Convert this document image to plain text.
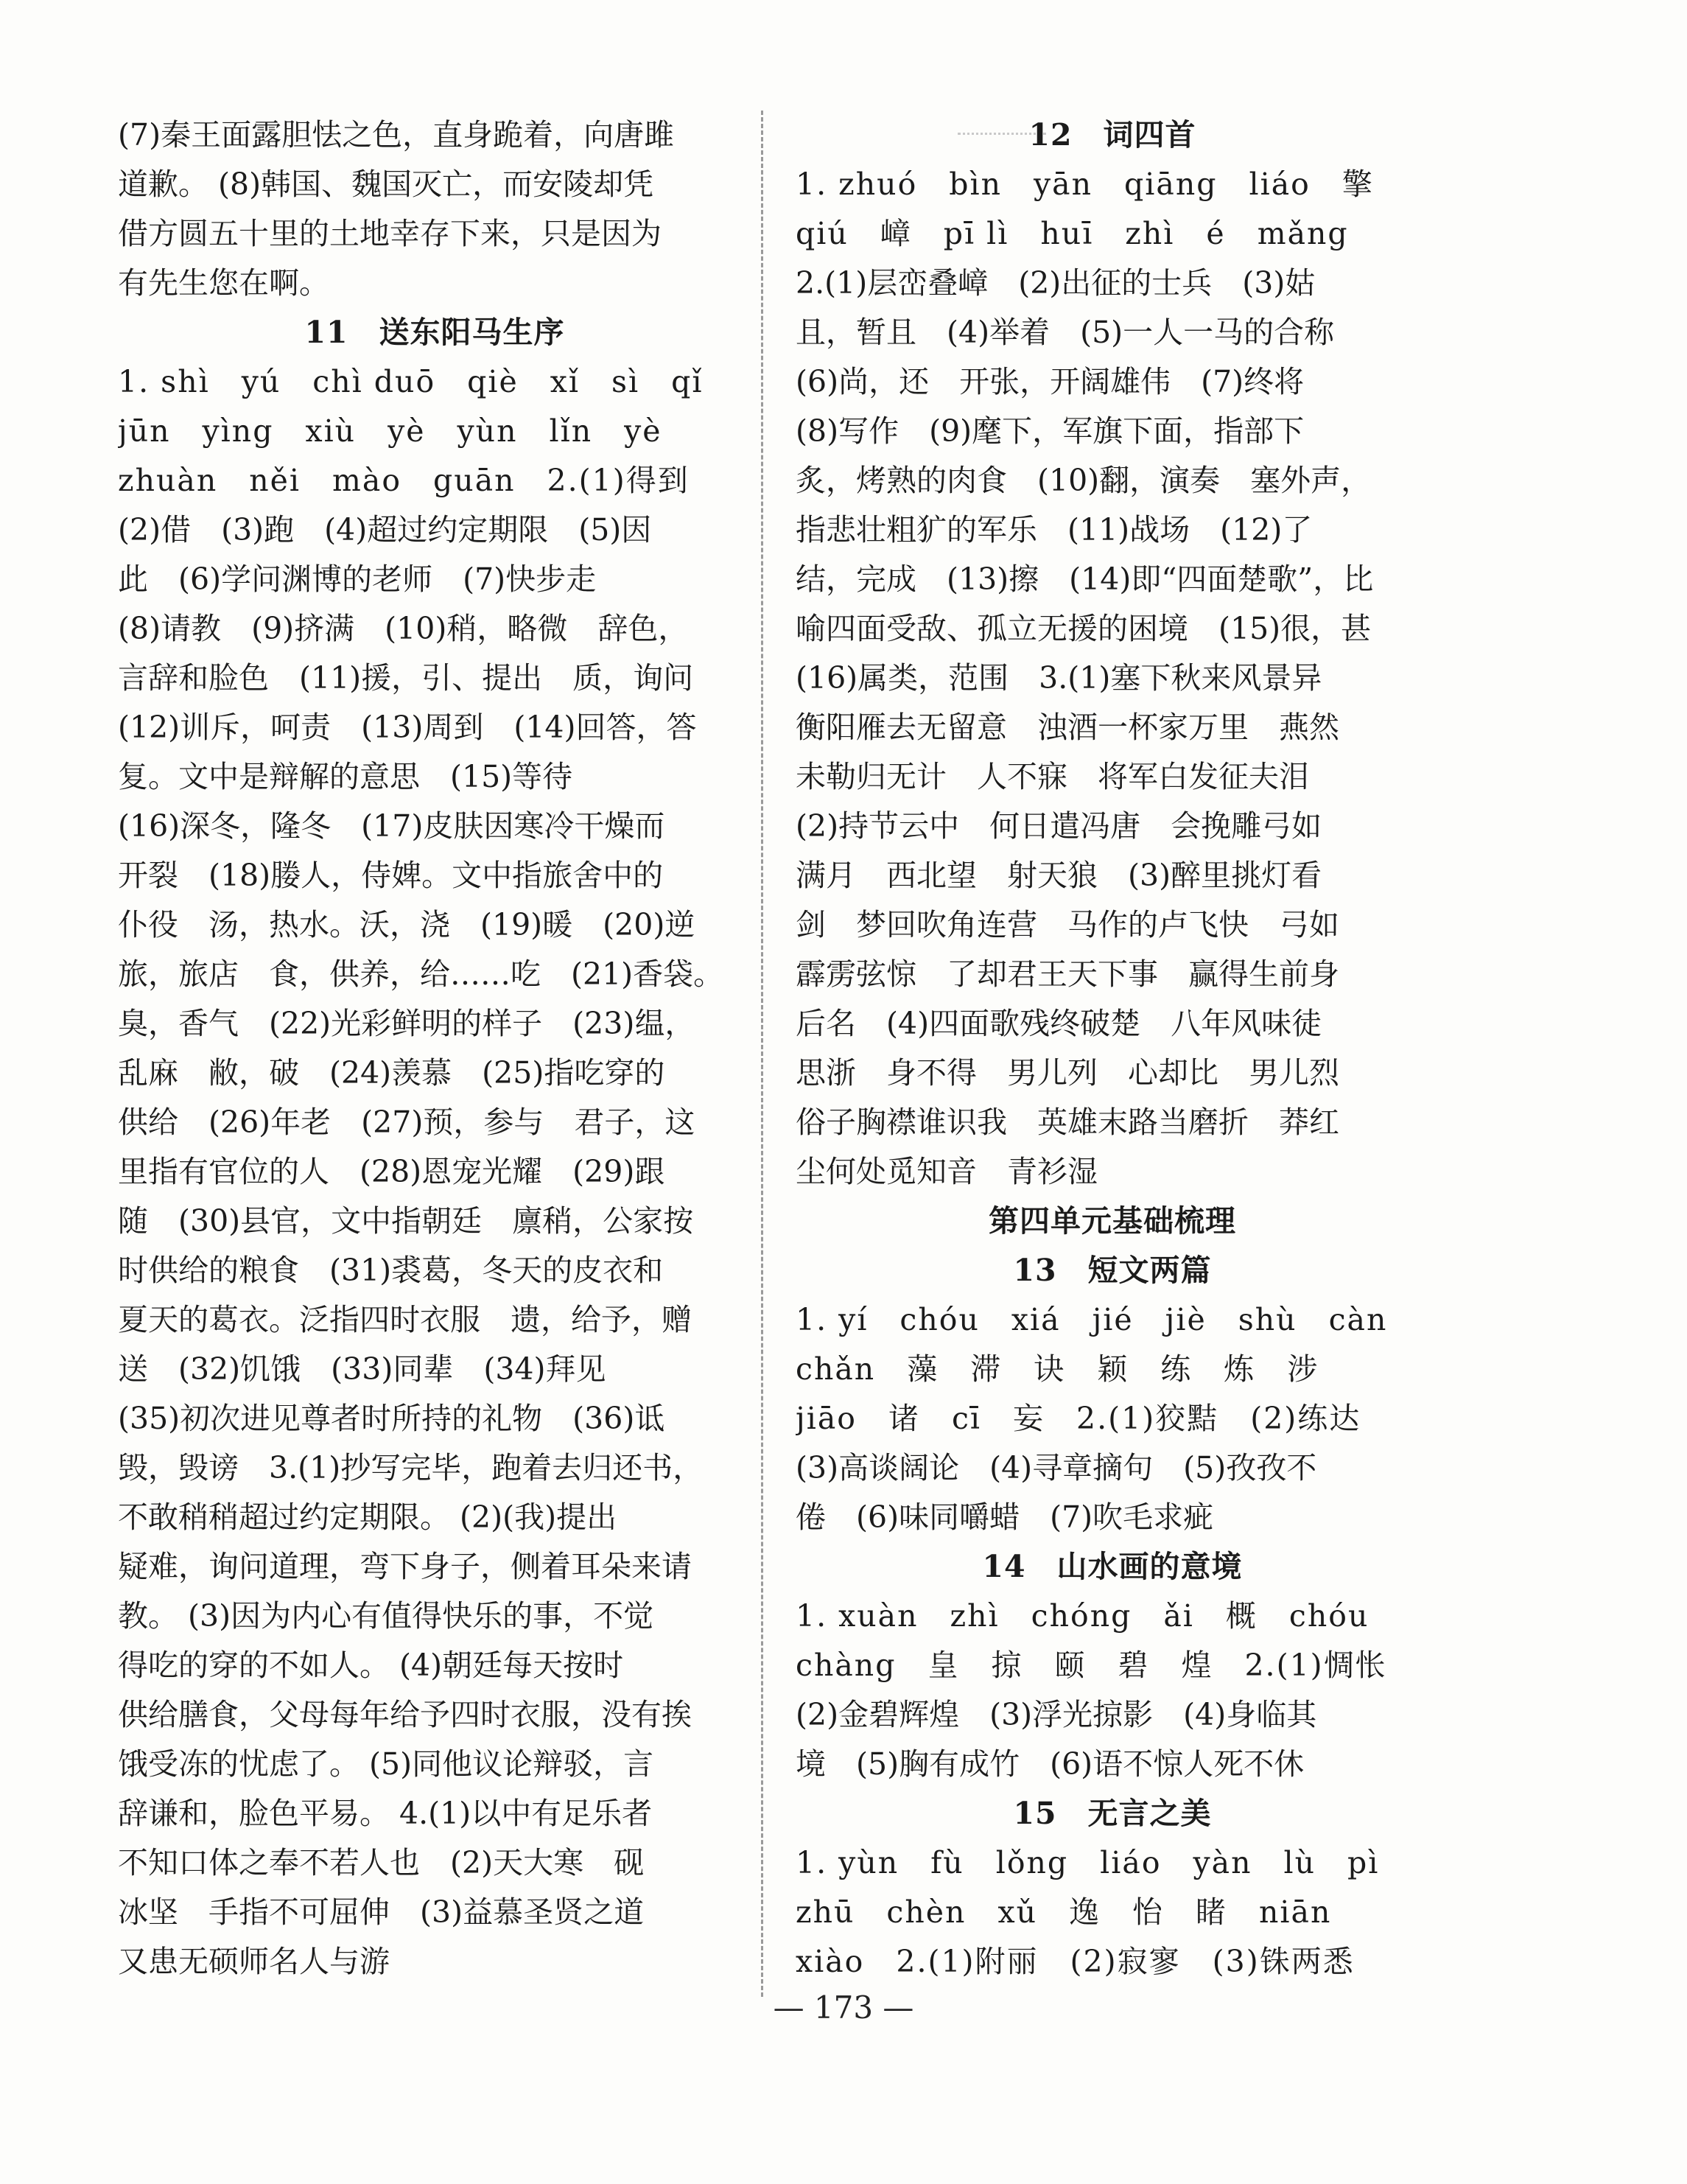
(7)秦王面露胆怯之色，直身跪着，向唐雎
道歉。 (8)韩国、魏国灭亡，而安陵却凭
借方圆五十里的土地幸存下来，只是因为
有先生您在啊。
11　送东阳马生序
1. shì　yú　chì duō　qiè　xǐ　sì　qǐ
jūn　yìng　xiù　yè　yùn　lǐn　yè
zhuàn　něi　mào　guān　2.(1)得到
(2)借　(3)跑　(4)超过约定期限　(5)因
此　(6)学问渊博的老师　(7)快步走
(8)请教　(9)挤满　(10)稍，略微　辞色，
言辞和脸色　(11)援，引、提出　质，询问
(12)训斥，呵责　(13)周到　(14)回答，答
复。文中是辩解的意思　(15)等待
(16)深冬，隆冬　(17)皮肤因寒冷干燥而
开裂　(18)媵人，侍婢。文中指旅舍中的
仆役　汤，热水。沃，浇　(19)暖　(20)逆
旅，旅店　食，供养，给……吃　(21)香袋。
臭，香气　(22)光彩鲜明的样子　(23)缊，
乱麻　敝，破　(24)羡慕　(25)指吃穿的
供给　(26)年老　(27)预，参与　君子，这
里指有官位的人　(28)恩宠光耀　(29)跟
随　(30)县官，文中指朝廷　廪稍，公家按
时供给的粮食　(31)裘葛，冬天的皮衣和
夏天的葛衣。泛指四时衣服　遗，给予，赠
送　(32)饥饿　(33)同辈　(34)拜见
(35)初次进见尊者时所持的礼物　(36)诋
毁，毁谤　3.(1)抄写完毕，跑着去归还书，
不敢稍稍超过约定期限。 (2)(我)提出
疑难，询问道理，弯下身子，侧着耳朵来请
教。 (3)因为内心有值得快乐的事，不觉
得吃的穿的不如人。 (4)朝廷每天按时
供给膳食，父母每年给予四时衣服，没有挨
饿受冻的忧虑了。 (5)同他议论辩驳，言
辞谦和，脸色平易。 4.(1)以中有足乐者
不知口体之奉不若人也　(2)天大寒　砚
冰坚　手指不可屈伸　(3)益慕圣贤之道
又患无硕师名人与游
12　词四首
1. zhuó　bìn　yān　qiāng　liáo　擎
qiú　嶂　pī lì　huī　zhì　é　mǎng
2.(1)层峦叠嶂　(2)出征的士兵　(3)姑
且，暂且　(4)举着　(5)一人一马的合称
(6)尚，还　开张，开阔雄伟　(7)终将
(8)写作　(9)麾下，军旗下面，指部下
炙，烤熟的肉食　(10)翻，演奏　塞外声，
指悲壮粗犷的军乐　(11)战场　(12)了
结，完成　(13)擦　(14)即“四面楚歌”，比
喻四面受敌、孤立无援的困境　(15)很，甚
(16)属类，范围　3.(1)塞下秋来风景异
衡阳雁去无留意　浊酒一杯家万里　燕然
未勒归无计　人不寐　将军白发征夫泪
(2)持节云中　何日遣冯唐　会挽雕弓如
满月　西北望　射天狼　(3)醉里挑灯看
剑　梦回吹角连营　马作的卢飞快　弓如
霹雳弦惊　了却君王天下事　赢得生前身
后名　(4)四面歌残终破楚　八年风味徒
思浙　身不得　男儿列　心却比　男儿烈
俗子胸襟谁识我　英雄末路当磨折　莽红
尘何处觅知音　青衫湿
第四单元基础梳理
13　短文两篇
1. yí　chóu　xiá　jié　jiè　shù　càn
chǎn　藻　滞　诀　颖　练　炼　涉
jiāo　诸　cī　妄　2.(1)狡黠　(2)练达
(3)高谈阔论　(4)寻章摘句　(5)孜孜不
倦　(6)味同嚼蜡　(7)吹毛求疵
14　山水画的意境
1. xuàn　zhì　chóng　ǎi　概　chóu
chàng　皇　掠　颐　碧　煌　2.(1)惆怅
(2)金碧辉煌　(3)浮光掠影　(4)身临其
境　(5)胸有成竹　(6)语不惊人死不休
15　无言之美
1. yùn　fù　lǒng　liáo　yàn　lù　pì
zhū　chèn　xǔ　逸　怡　睹　niān
xiào　2.(1)附丽　(2)寂寥　(3)铢两悉
— 173 —
